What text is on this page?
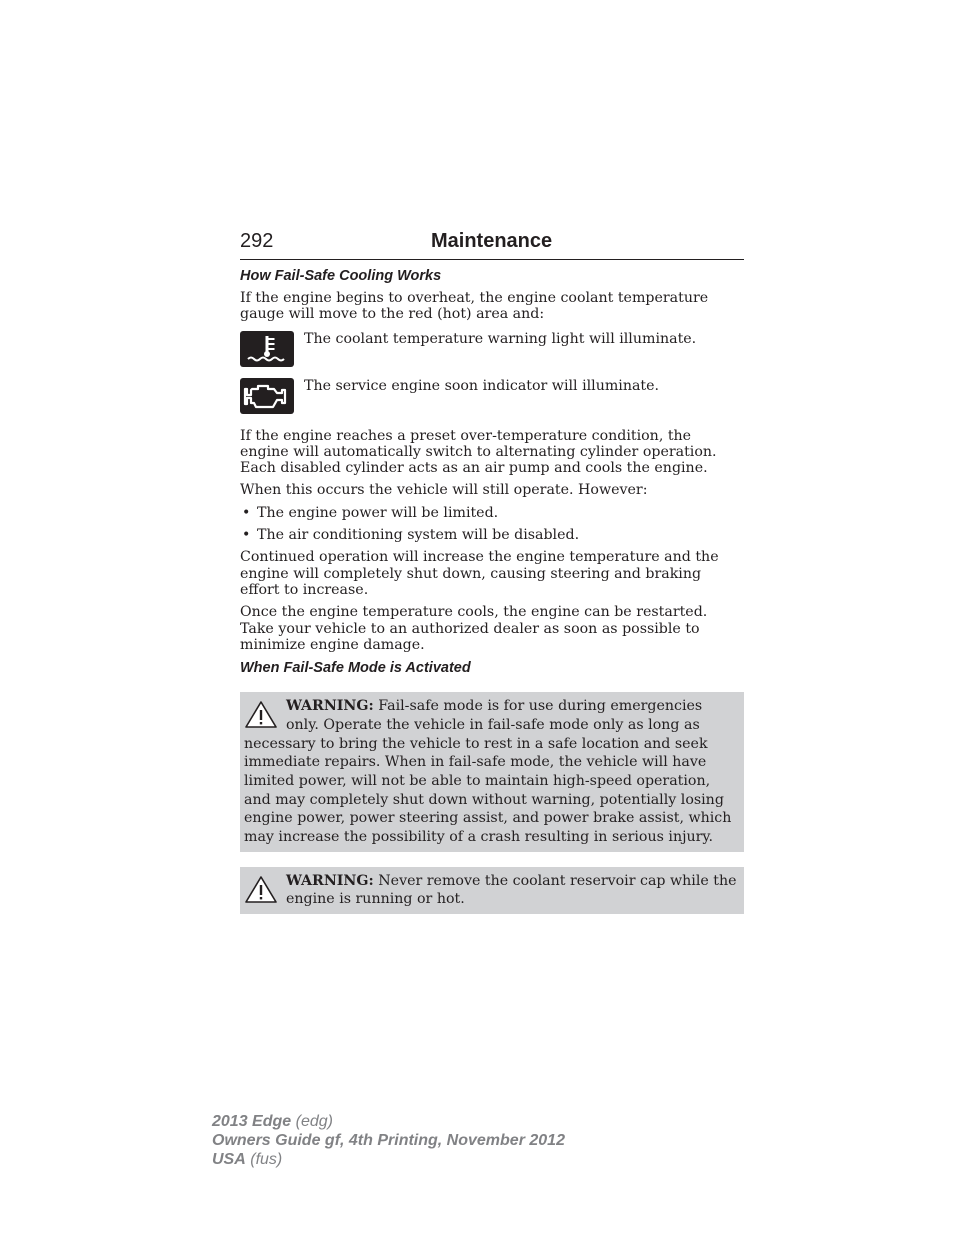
292	Maintenance
How Fail-Safe Cooling Works

If the engine begins to overheat, the engine coolant temperature gauge will move to the red (hot) area and:

The coolant temperature warning light will illuminate.
The service engine soon indicator will illuminate.

If the engine reaches a preset over-temperature condition, the engine will automatically switch to alternating cylinder operation. Each disabled cylinder acts as an air pump and cools the engine.

When this occurs the vehicle will still operate. However:

• The engine power will be limited.
• The air conditioning system will be disabled.

Continued operation will increase the engine temperature and the engine will completely shut down, causing steering and braking effort to increase.

Once the engine temperature cools, the engine can be restarted. Take your vehicle to an authorized dealer as soon as possible to minimize engine damage.

When Fail-Safe Mode is Activated
WARNING: Fail-safe mode is for use during emergencies only. Operate the vehicle in fail-safe mode only as long as necessary to bring the vehicle to rest in a safe location and seek immediate repairs. When in fail-safe mode, the vehicle will have limited power, will not be able to maintain high-speed operation, and may completely shut down without warning, potentially losing engine power, power steering assist, and power brake assist, which may increase the possibility of a crash resulting in serious injury.
WARNING: Never remove the coolant reservoir cap while the engine is running or hot.
2013 Edge (edg)
Owners Guide gf, 4th Printing, November 2012
USA (fus)
